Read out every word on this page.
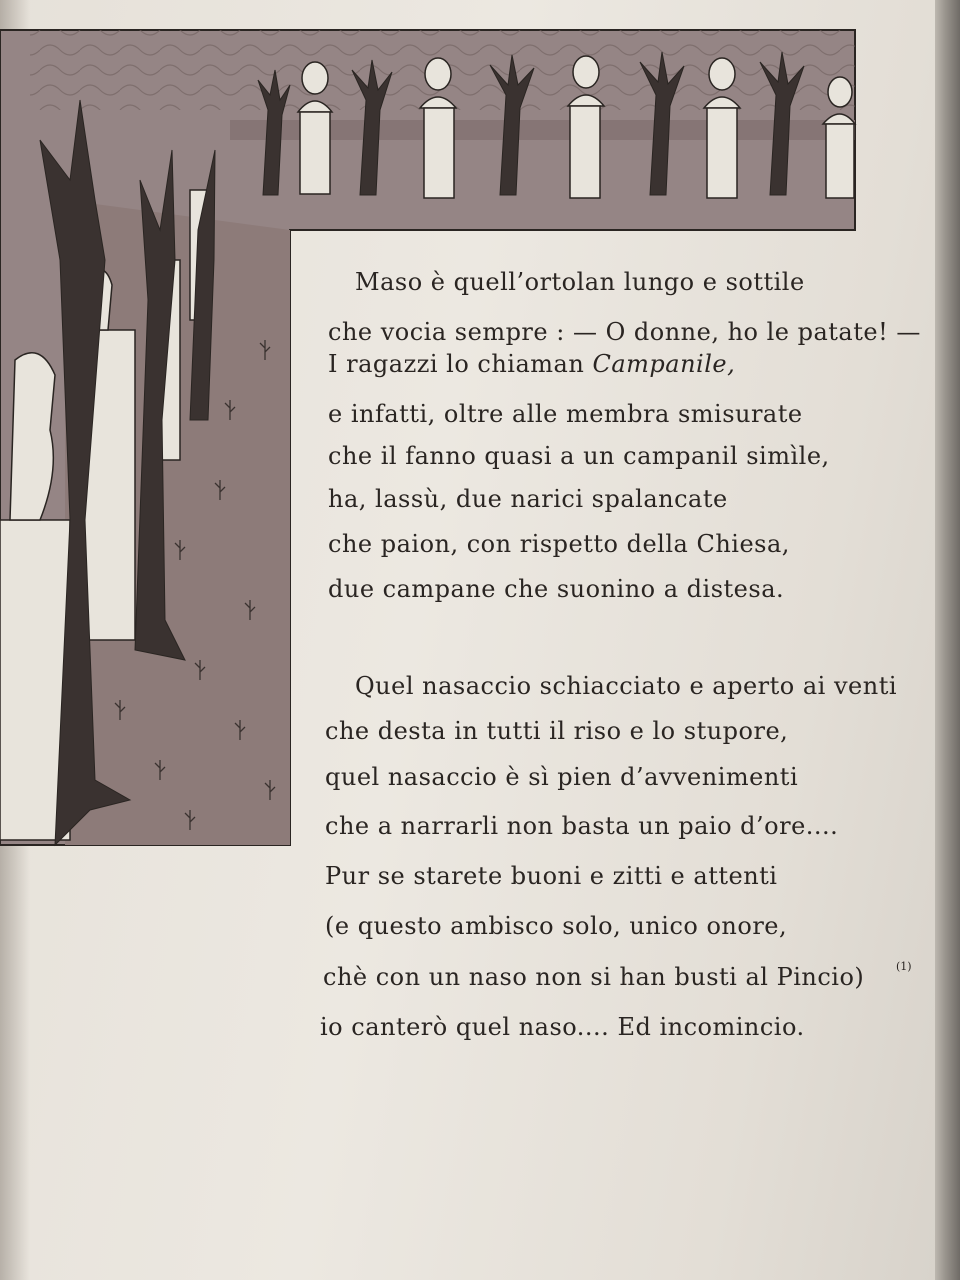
Maso è quell’ortolan lungo e sottile
che vocia sempre : — O donne, ho le patate! —
I ragazzi lo chiaman Campanile,
e infatti, oltre alle membra smisurate
che il fanno quasi a un campanil simìle,
ha, lassù, due narici spalancate
che paion, con rispetto della Chiesa,
due campane che suonino a distesa.
Quel nasaccio schiacciato e aperto ai venti
che desta in tutti il riso e lo stupore,
quel nasaccio è sì pien d’avvenimenti
che a narrarli non basta un paio d’ore....
Pur se starete buoni e zitti e attenti
(e questo ambisco solo, unico onore,
chè con un naso non si han busti al Pincio)	(1)
io canterò quel naso.... Ed incomincio.
